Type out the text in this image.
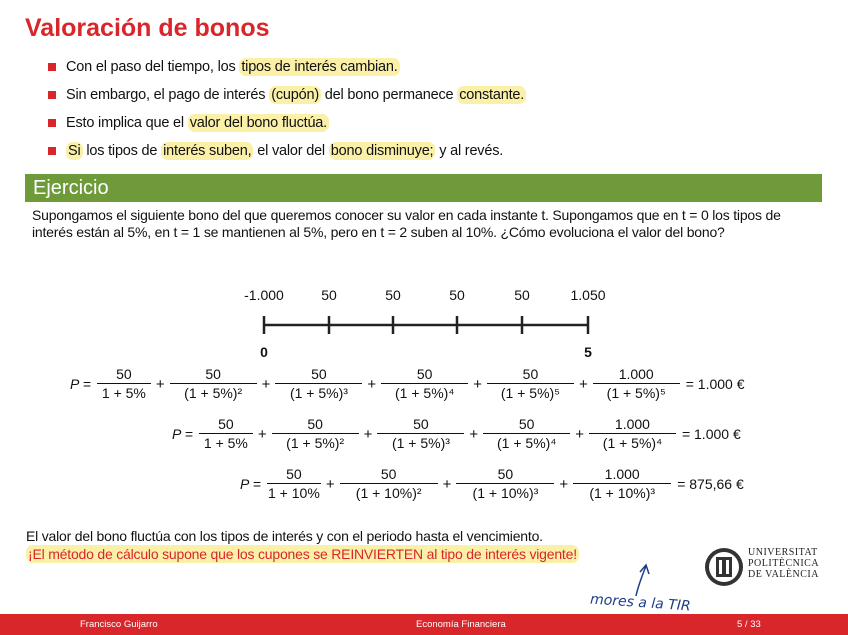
Valoración de bonos
Con el paso del tiempo, los tipos de interés cambian.
Sin embargo, el pago de interés (cupón) del bono permanece constante.
Esto implica que el valor del bono fluctúa.
Si los tipos de interés suben, el valor del bono disminuye; y al revés.
Ejercicio
Supongamos el siguiente bono del que queremos conocer su valor en cada instante t. Supongamos que en t = 0 los tipos de interés están al 5%, en t = 1 se mantienen al 5%, pero en t = 2 suben al 10%. ¿Cómo evoluciona el valor del bono?
-1.000	50	50	50	50	1.050
0	5
$P = \frac{50}{1 + 5\%} + \frac{50}{\text{(1 + 5\%)²}} + \frac{50}{\text{(1 + 5\%)³}} + \frac{50}{\text{(1 + 5\%)⁴}} + \frac{50}{\text{(1 + 5\%)⁵}} + \frac{1.000}{\text{(1 + 5\%)⁵}} = 1.000$ €
$P = \frac{50}{1 + 5\%} + \frac{50}{\text{(1 + 5\%)²}} + \frac{50}{\text{(1 + 5\%)³}} + \frac{50}{\text{(1 + 5\%)⁴}} + \frac{1.000}{\text{(1 + 5\%)⁴}} = 1.000$ €
$P = \frac{50}{1 + 10\%} + \frac{50}{\text{(1 + 10\%)²}} + \frac{50}{\text{(1 + 10\%)³}} + \frac{1.000}{\text{(1 + 10\%)³}} = 875,66$ €
El valor del bono fluctúa con los tipos de interés y con el periodo hasta el vencimiento.
¡El método de cálculo supone que los cupones se REINVIERTEN al tipo de interés vigente!
mores a la TIR
UNIVERSITAT
POLITÈCNICA
DE VALÈNCIA
Francisco Guijarro	Economía Financiera	5 / 33
